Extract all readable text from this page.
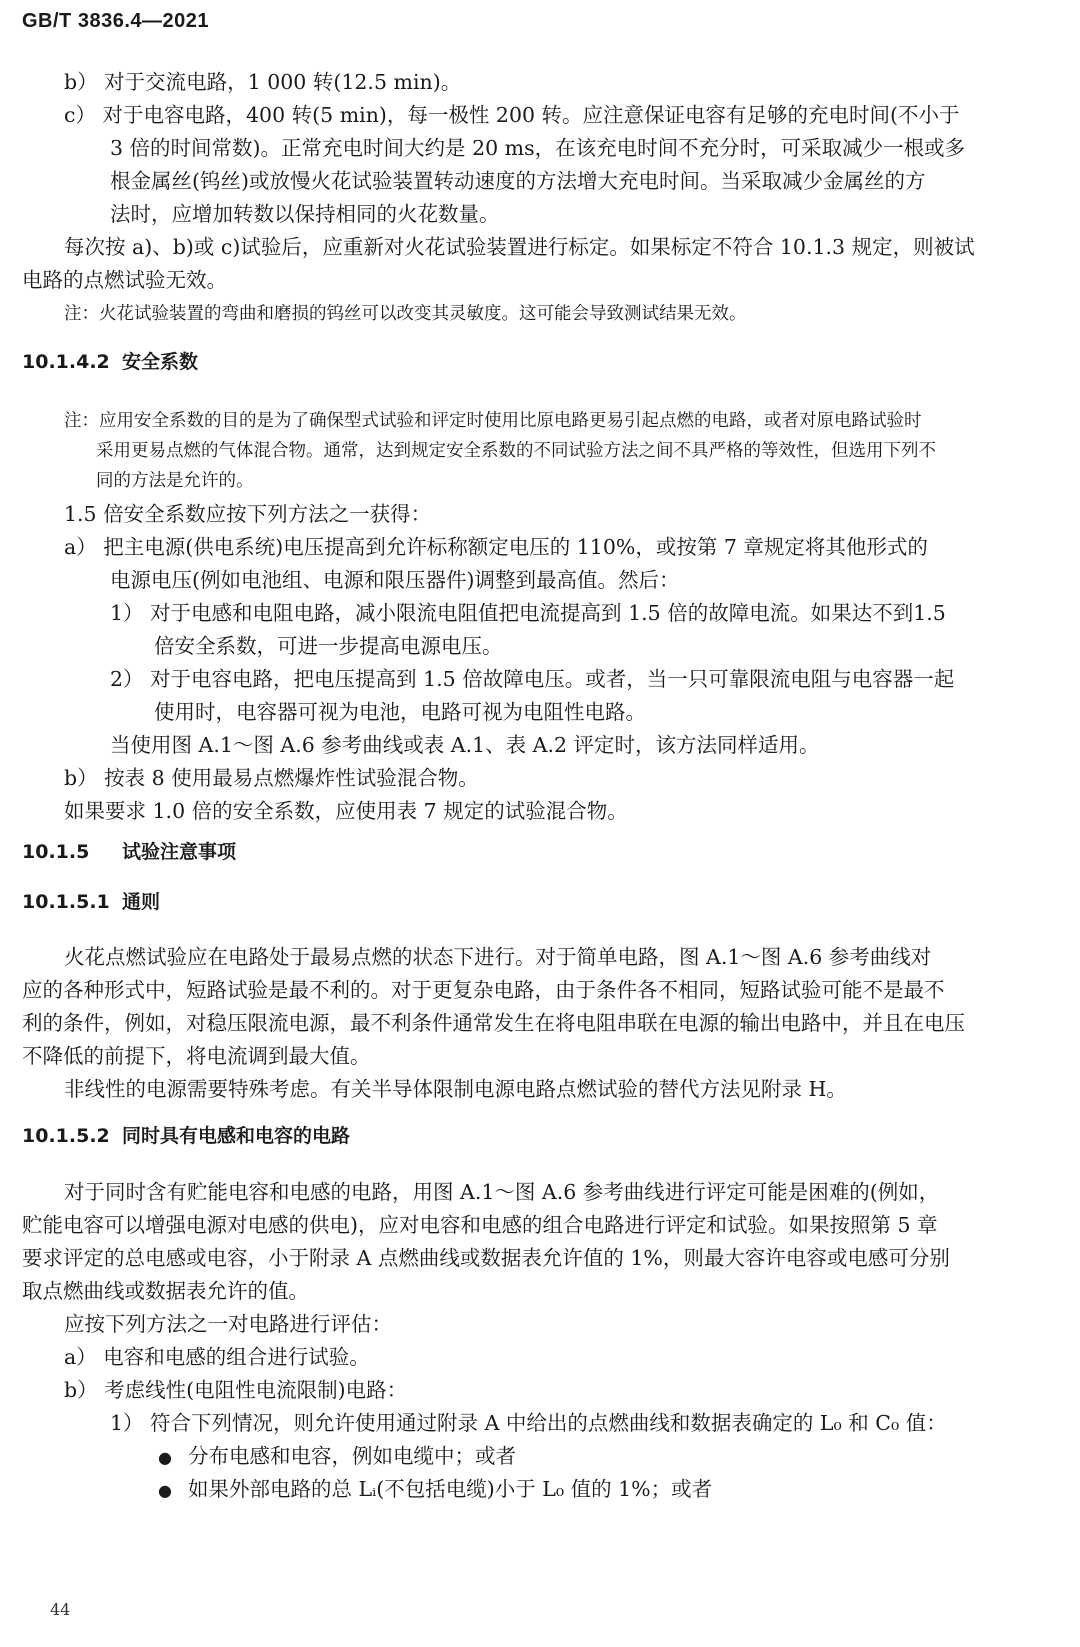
GB/T 3836.4—2021
b） 对于交流电路，1 000 转(12.5 min)。
c） 对于电容电路，400 转(5 min)，每一极性 200 转。应注意保证电容有足够的充电时间(不小于
3 倍的时间常数)。正常充电时间大约是 20 ms，在该充电时间不充分时，可采取减少一根或多
根金属丝(钨丝)或放慢火花试验装置转动速度的方法增大充电时间。当采取减少金属丝的方
法时，应增加转数以保持相同的火花数量。
每次按 a)、b)或 c)试验后，应重新对火花试验装置进行标定。如果标定不符合 10.1.3 规定，则被试
电路的点燃试验无效。
注：火花试验装置的弯曲和磨损的钨丝可以改变其灵敏度。这可能会导致测试结果无效。
注：应用安全系数的目的是为了确保型式试验和评定时使用比原电路更易引起点燃的电路，或者对原电路试验时
采用更易点燃的气体混合物。通常，达到规定安全系数的不同试验方法之间不具严格的等效性，但选用下列不
同的方法是允许的。
1.5 倍安全系数应按下列方法之一获得：
a） 把主电源(供电系统)电压提高到允许标称额定电压的 110%，或按第 7 章规定将其他形式的
电源电压(例如电池组、电源和限压器件)调整到最高值。然后：
1） 对于电感和电阻电路，减小限流电阻值把电流提高到 1.5 倍的故障电流。如果达不到1.5
倍安全系数，可进一步提高电源电压。
2） 对于电容电路，把电压提高到 1.5 倍故障电压。或者，当一只可靠限流电阻与电容器一起
使用时，电容器可视为电池，电路可视为电阻性电路。
当使用图 A.1～图 A.6 参考曲线或表 A.1、表 A.2 评定时，该方法同样适用。
b） 按表 8 使用最易点燃爆炸性试验混合物。
如果要求 1.0 倍的安全系数，应使用表 7 规定的试验混合物。
火花点燃试验应在电路处于最易点燃的状态下进行。对于简单电路，图 A.1～图 A.6 参考曲线对
应的各种形式中，短路试验是最不利的。对于更复杂电路，由于条件各不相同，短路试验可能不是最不
利的条件，例如，对稳压限流电源，最不利条件通常发生在将电阻串联在电源的输出电路中，并且在电压
不降低的前提下，将电流调到最大值。
非线性的电源需要特殊考虑。有关半导体限制电源电路点燃试验的替代方法见附录 H。
对于同时含有贮能电容和电感的电路，用图 A.1～图 A.6 参考曲线进行评定可能是困难的(例如，
贮能电容可以增强电源对电感的供电)，应对电容和电感的组合电路进行评定和试验。如果按照第 5 章
要求评定的总电感或电容，小于附录 A 点燃曲线或数据表允许值的 1%，则最大容许电容或电感可分别
取点燃曲线或数据表允许的值。
应按下列方法之一对电路进行评估：
a） 电容和电感的组合进行试验。
b） 考虑线性(电阻性电流限制)电路：
1） 符合下列情况，则允许使用通过附录 A 中给出的点燃曲线和数据表确定的 L₀ 和 C₀ 值：
10.1.4.2 安全系数
10.1.5 试验注意事项
10.1.5.1 通则
10.1.5.2 同时具有电感和电容的电路
● 分布电感和电容，例如电缆中；或者
● 如果外部电路的总 Lᵢ(不包括电缆)小于 L₀ 值的 1%；或者
44
